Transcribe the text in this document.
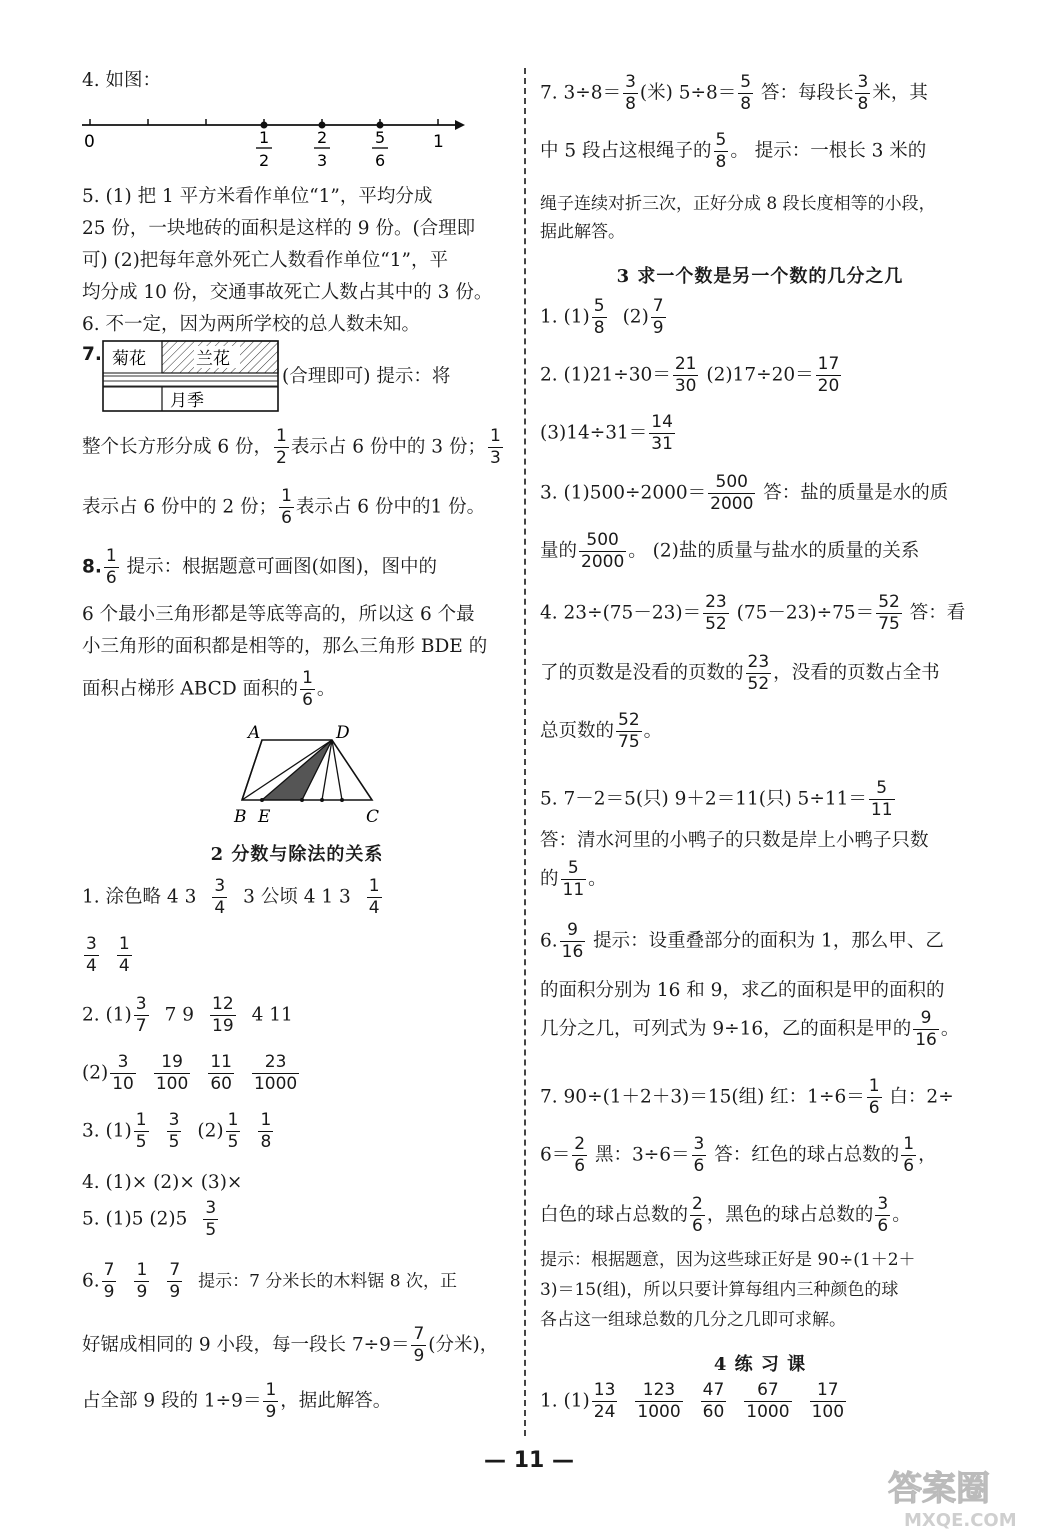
4. 如图：
0	1
1
2
2
3
5
6
5. (1) 把 1 平方米看作单位“1”，平均分成
25 份，一块地砖的面积是这样的 9 份。(合理即
可) (2)把每年意外死亡人数看作单位“1”，平
均分成 10 份，交通事故死亡人数占其中的 3 份。
6. 不一定，因为两所学校的总人数未知。
7. 菊花	兰花
月季
(合理即可) 提示：将
整个长方形分成 6 份， $\frac{1}{2}$ 表示占 6 份中的 3 份； $\frac{1}{3}$
表示占 6 份中的 2 份； $\frac{1}{6}$ 表示占 6 份中的1 份。
8. $\frac{1}{6}$ 提示：根据题意可画图(如图)，图中的
6 个最小三角形都是等底等高的，所以这 6 个最
小三角形的面积都是相等的，那么三角形 BDE 的
面积占梯形 ABCD 面积的 $\frac{1}{6}$ 。
A	D
B E	C
2 分数与除法的关系
1. 涂色略 4 $3 \frac{3}{4} 3$ 公顷 4 1 $3 \frac{1}{4}$
$\frac{3}{4} \frac{1}{4}$
2. $(1) \frac{3}{7} 7$ $9 \frac{12}{19} 4$ 11
$(2) \frac{3}{10} \frac{19}{100} \frac{11}{60} \frac{23}{1000}$
3. $(1) \frac{1}{5} \frac{3}{5} (2) \frac{1}{5} \frac{1}{8}$
4. (1)× (2)× (3)×
5. (1)5 $(2)5 \frac{3}{5}$
6. $\frac{7}{9} \frac{1}{9} \frac{7}{9}$ 提示：7 分米长的木料锯 8 次，正
好锯成相同的 9 小段，每一段长 $7\div 9= \frac{7}{9}$ (分米)，
占全部 9 段的 $1\div 9= \frac{1}{9}$ ，据此解答。
7. $3\div 8= \frac{3}{8}$ (米) $5\div 8= \frac{5}{8}$ 答：每段长 $\frac{3}{8}$ 米，其
中 5 段占这根绳子的 $\frac{5}{8}$ 。 提示：一根长 3 米的
绳子连续对折三次，正好分成 8 段长度相等的小段，
据此解答。
3 求一个数是另一个数的几分之几
1. $(1) \frac{5}{8} (2) \frac{7}{9}$
2. $(1)21\div 30= \frac{21}{30} (2)17\div 20= \frac{17}{20}$
$(3)14\div 31= \frac{14}{31}$
3. $(1)500\div 2000= \frac{500}{2000}$ 答：盐的质量是水的质
量的 $\frac{500}{2000}$ 。 (2)盐的质量与盐水的质量的关系
4. $23\div(75-23)= \frac{23}{52} (75-23)\div 75= \frac{52}{75}$ 答：看
了的页数是没看的页数的 $\frac{23}{52}$ ，没看的页数占全书
总页数的 $\frac{52}{75}$ 。
5. 7－2＝5(只) 9＋2＝11(只) $5\div 11= \frac{5}{11}$
答：清水河里的小鸭子的只数是岸上小鸭子只数
的 $\frac{5}{11}$ 。
6. $\frac{9}{16}$ 提示：设重叠部分的面积为 1，那么甲、乙
的面积分别为 16 和 9，求乙的面积是甲的面积的
几分之几，可列式为 9÷16，乙的面积是甲的 $\frac{9}{16}$ 。
7. 90÷(1＋2＋3)＝15(组) 红：$1\div 6= \frac{1}{6}$ 白：2÷
$6= \frac{2}{6}$ 黑：$3\div 6= \frac{3}{6}$ 答：红色的球占总数的 $\frac{1}{6}$ ，
白色的球占总数的 $\frac{2}{6}$ ，黑色的球占总数的 $\frac{3}{6}$ 。
提示：根据题意，因为这些球正好是 90÷(1＋2＋
3)＝15(组)，所以只要计算每组内三种颜色的球
各占这一组球总数的几分之几即可求解。
4 练 习 课
1. $(1) \frac{13}{24} \frac{123}{1000} \frac{47}{60} \frac{67}{1000} \frac{17}{100}$
— 11 —
答案圈
MXQE.COM
